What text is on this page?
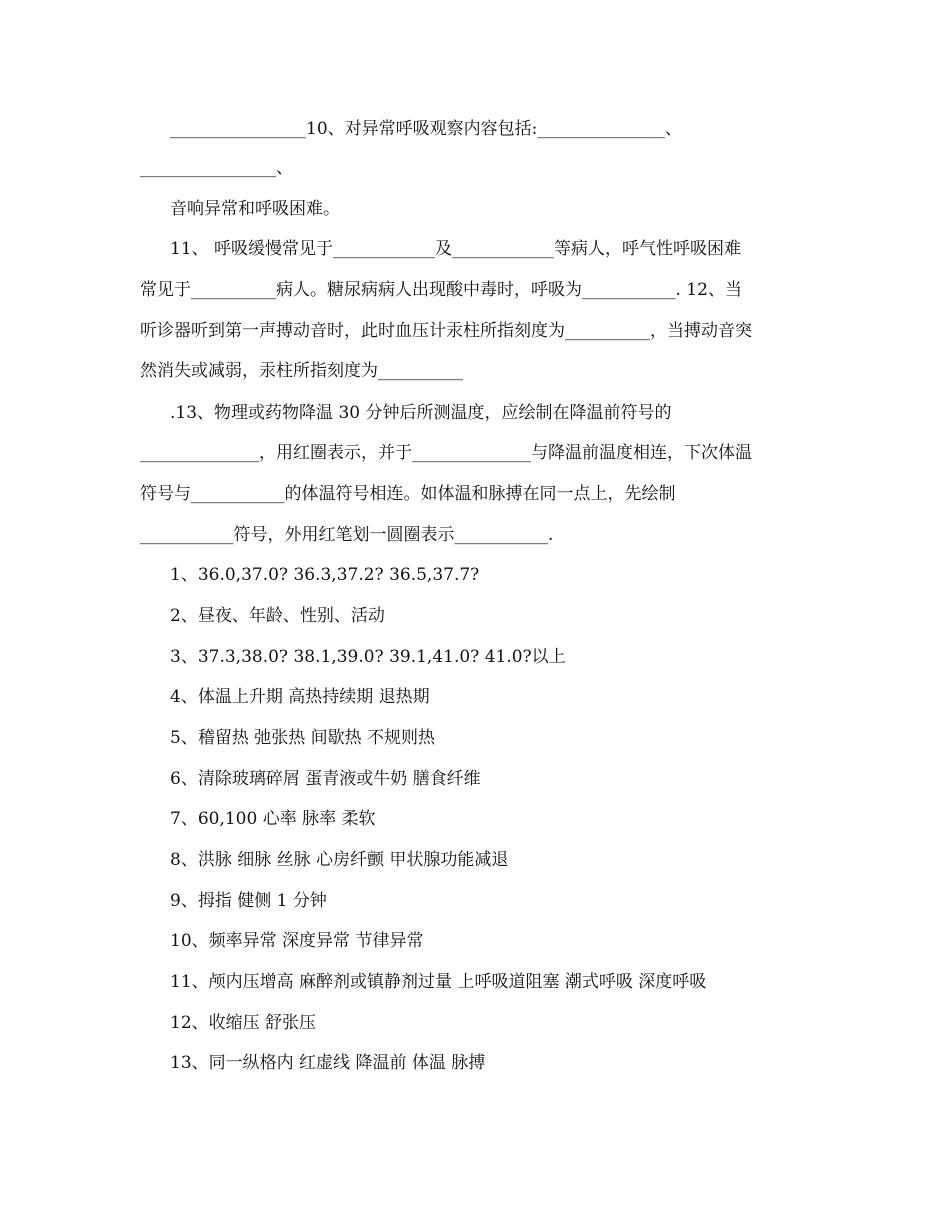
________________10、对异常呼吸观察内容包括:_______________、
________________、
音响异常和呼吸困难。
11、 呼吸缓慢常见于____________及____________等病人，呼气性呼吸困难
常见于__________病人。糖尿病病人出现酸中毒时，呼吸为___________. 12、当
听诊器听到第一声搏动音时，此时血压计汞柱所指刻度为__________，当搏动音突
然消失或减弱，汞柱所指刻度为__________
.13、物理或药物降温 30 分钟后所测温度，应绘制在降温前符号的
______________，用红圈表示，并于______________与降温前温度相连，下次体温
符号与___________的体温符号相连。如体温和脉搏在同一点上，先绘制
___________符号，外用红笔划一圆圈表示___________.
1、36.0,37.0? 36.3,37.2? 36.5,37.7?
2、昼夜、年龄、性别、活动
3、37.3,38.0? 38.1,39.0? 39.1,41.0? 41.0?以上
4、体温上升期 高热持续期 退热期
5、稽留热 弛张热 间歇热 不规则热
6、清除玻璃碎屑 蛋青液或牛奶 膳食纤维
7、60,100 心率 脉率 柔软
8、洪脉 细脉 丝脉 心房纤颤 甲状腺功能减退
9、拇指 健侧 1 分钟
10、频率异常 深度异常 节律异常
11、颅内压增高 麻醉剂或镇静剂过量 上呼吸道阻塞 潮式呼吸 深度呼吸
12、收缩压 舒张压
13、同一纵格内 红虚线 降温前 体温 脉搏
